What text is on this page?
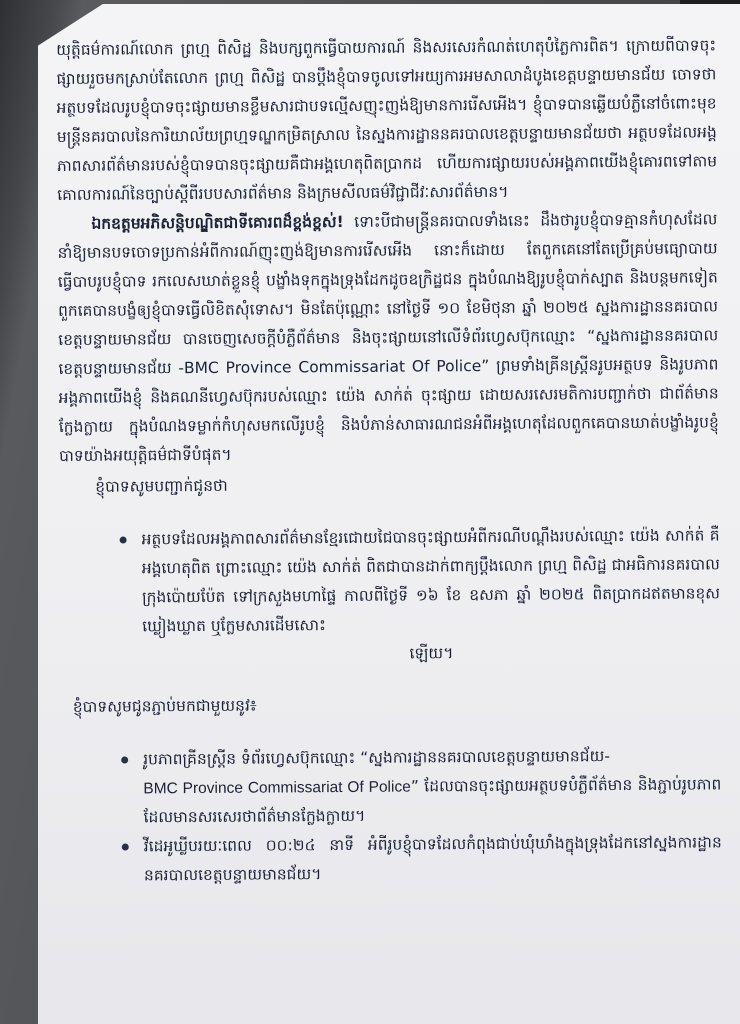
យុត្តិធម៌ការណ៍លោក ព្រហ្ម ពិសិដ្ឋ និងបក្សពួកធ្វើបាយការណ៍ និងសរសេរកំណត់ហេតុបំភ្លៃការពិត។ ក្រោយពីបាទចុះផ្សាយរួចមកស្រាប់តែលោក ព្រហ្ម ពិសិដ្ឋ បានប្ដឹងខ្ញុំបាទចូលទៅអយ្យការអមសាលាដំបូងខេត្តបន្ទាយមានជ័យ ចោទថាអត្ថបទដែលរូបខ្ញុំបាទចុះផ្សាយមានខ្លឹមសារជាបទល្មើសញុះញង់ឱ្យមានការរើសអើង។ ខ្ញុំបាទបានឆ្លើយបំភ្លឺនៅចំពោះមុខមន្ត្រីនគរបាលនៃការិយាល័យព្រហ្មទណ្ឌកម្រិតស្រាល នៃស្នងការដ្ឋាននគរបាលខេត្តបន្ទាយមានជ័យថា អត្ថបទដែលអង្គភាពសារព័ត៌មានរបស់ខ្ញុំបាទបានចុះផ្សាយគឺជាអង្គហេតុពិតប្រាកដ ហើយការផ្សាយរបស់អង្គភាពយើងខ្ញុំគោរពទៅតាមគោលការណ៍នៃច្បាប់ស្ដីពីរបបសារព័ត៌មាន និងក្រមសីលធម៌វិជ្ជាជីវៈសារព័ត៌មាន។

ឯកឧត្តមអភិសន្តិបណ្ឌិតជាទីគោរពដ៏ខ្ពង់ខ្ពស់! ទោះបីជាមន្ត្រីនគរបាលទាំងនេះ ដឹងថារូបខ្ញុំបាទគ្មានកំហុសដែលនាំឱ្យមានបទចោទប្រកាន់អំពីការណ៍ញុះញង់ឱ្យមានការរើសអើង នោះក៏ដោយ តែពួកគេនៅតែប្រើគ្រប់មធ្យោបាយធ្វើបាបរូបខ្ញុំបាទ រកលេសឃាត់ខ្លួនខ្ញុំ បង្ខាំងទុកក្នុងទ្រុងដែកដូចឧក្រិដ្ឋជន ក្នុងបំណងឱ្យរូបខ្ញុំបាក់ស្បាត និងបន្ដមកទៀតពួកគេបានបង្ខំឲ្យខ្ញុំបាទធ្វើលិខិតសុំទោស។ មិនតែប៉ុណ្ណោះ នៅថ្ងៃទី ១០ ខែមិថុនា ឆ្នាំ ២០២៥ ស្នងការដ្ឋាននគរបាលខេត្តបន្ទាយមានជ័យ បានចេញសេចក្តីបំភ្លឺព័ត៌មាន និងចុះផ្សាយនៅលើទំព័រហ្វេសប៊ុកឈ្មោះ “ស្នងការដ្ឋាននគរបាលខេត្តបន្ទាយមានជ័យ -BMC Province Commissariat Of Police” ព្រមទាំងគ្រីនស្ត្រីនរូបអត្ថបទ និងរូបភាពអង្គភាពយើងខ្ញុំ និងគណនីហ្វេសប៊ុករបស់ឈ្មោះ យ៉េង សាក់ត់ ចុះផ្សាយ ដោយសរសេរមតិការបញ្ជាក់ថា ជាព័ត៌មានក្លែងក្លាយ ក្នុងបំណងទម្លាក់កំហុសមកលើរូបខ្ញុំ និងបំភាន់សាធារណជនអំពីអង្គហេតុដែលពួកគេបានឃាត់បង្ខាំងរូបខ្ញុំបាទយ៉ាងអយុត្តិធម៌ជាទីបំផុត។

ខ្ញុំបាទសូមបញ្ជាក់ជូនថា

អត្ថបទដែលអង្គភាពសារព័ត៌មានខ្មែរជោយជៃបានចុះផ្សាយអំពីករណីបណ្ដឹងរបស់ឈ្មោះ យ៉េង សាក់ត់ គឺអង្គហេតុពិត ព្រោះឈ្មោះ យ៉េង សាក់ត់ ពិតជាបានដាក់ពាក្យប្ដឹងលោក ព្រហ្ម ពិសិដ្ឋ ជាអធិការនគរបាលក្រុងប៉ោយប៉ែត ទៅក្រសួងមហាផ្ទៃ កាលពីថ្ងៃទី ១៦ ខែ ឧសភា ឆ្នាំ ២០២៥ ពិតប្រាកដឥតមានខុសឃ្លៀងឃ្លាត ឬក្លែមសារដើមសោះ
ឡើយ។

ខ្ញុំបាទសូមជូនភ្ជាប់មកជាមួយនូវ៖

រូបភាពគ្រីនស្ត្រីន ទំព័រហ្វេសប៊ុកឈ្មោះ “ស្នងការដ្ឋាននគរបាលខេត្តបន្ទាយមានជ័យ-
BMC Province Commissariat Of Police” ដែលបានចុះផ្សាយអត្ថបទបំភ្លឺព័ត៌មាន និងភ្ជាប់រូបភាពដែលមានសរសេរថាព័ត៌មានក្លែងក្លាយ។
វីដេអូឃ្លីបរយៈពេល ០០:២៤ នាទី អំពីរូបខ្ញុំបាទដែលកំពុងជាប់ឃុំឃាំងក្នុងទ្រុងដែកនៅស្នងការដ្ឋាននគរបាលខេត្តបន្ទាយមានជ័យ។
